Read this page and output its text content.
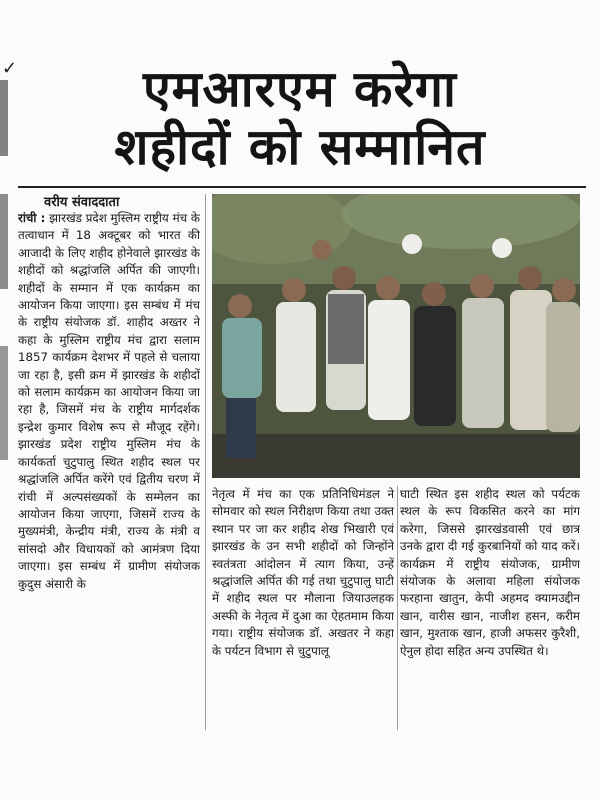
✓	एमआरएम करेगा
शहीदों को सम्मानित
वरीय संवाददाता
रांची : झारखंड प्रदेश मुस्लिम राष्ट्रीय मंच के तत्वाधान में 18 अक्टूबर को भारत की आजादी के लिए शहीद होनेवाले झारखंड के शहीदों को श्रद्धांजलि अर्पित की जाएगी। शहीदों के सम्मान में एक कार्यक्रम का आयोजन किया जाएगा। इस सम्बंध में मंच के राष्ट्रीय संयोजक डॉ. शाहीद अख्तर ने कहा के मुस्लिम राष्ट्रीय मंच द्वारा सलाम 1857 कार्यक्रम देशभर में पहले से चलाया जा रहा है, इसी क्रम में झारखंड के शहीदों को सलाम कार्यक्रम का आयोजन किया जा रहा है, जिसमें मंच के राष्ट्रीय मार्गदर्शक इन्द्रेश कुमार विशेष रूप से मौजूद रहेंगे। झारखंड प्रदेश राष्ट्रीय मुस्लिम मंच के कार्यकर्ता चुटुपालु स्थित शहीद स्थल पर श्रद्धांजलि अर्पित करेंगे एवं द्वितीय चरण में रांची में अल्पसंख्यकों के सम्मेलन का आयोजन किया जाएगा, जिसमें राज्य के मुख्यमंत्री, केन्द्रीय मंत्री, राज्य के मंत्री व सांसदो और विधायकों को आमंत्रण दिया जाएगा। इस सम्बंध में ग्रामीण संयोजक कुदुस अंसारी के
नेतृत्व में मंच का एक प्रतिनिधिमंडल ने सोमवार को स्थल निरीक्षण किया तथा उक्त स्थान पर जा कर शहीद शेख भिखारी एवं झारखंड के उन सभी शहीदों को जिन्होंने स्वतंत्रता आंदोलन में त्याग किया, उन्हें श्रद्धांजलि अर्पित की गई तथा चुटुपालु घाटी में शहीद स्थल पर मौलाना जियाउलहक अस्फी के नेतृत्व में दुआ का ऐहतमाम किया गया। राष्ट्रीय संयोजक डॉ. अखतर ने कहा के पर्यटन विभाग से चुटुपालू
घाटी स्थित इस शहीद स्थल को पर्यटक स्थल के रूप विकसित करने का मांग करेगा, जिससे झारखंडवासी एवं छात्र उनके द्वारा दी गई कुरबानियों को याद करें। कार्यक्रम में राष्ट्रीय संयोजक, ग्रामीण संयोजक के अलावा महिला संयोजक फरहाना खातुन, केपी अहमद क्यामउद्दीन खान, वारीस खान, नाजीश हसन, करीम खान, मुश्ताक खान, हाजी अफसर कुरैशी, ऐनुल होदा सहित अन्य उपस्थित थे।
